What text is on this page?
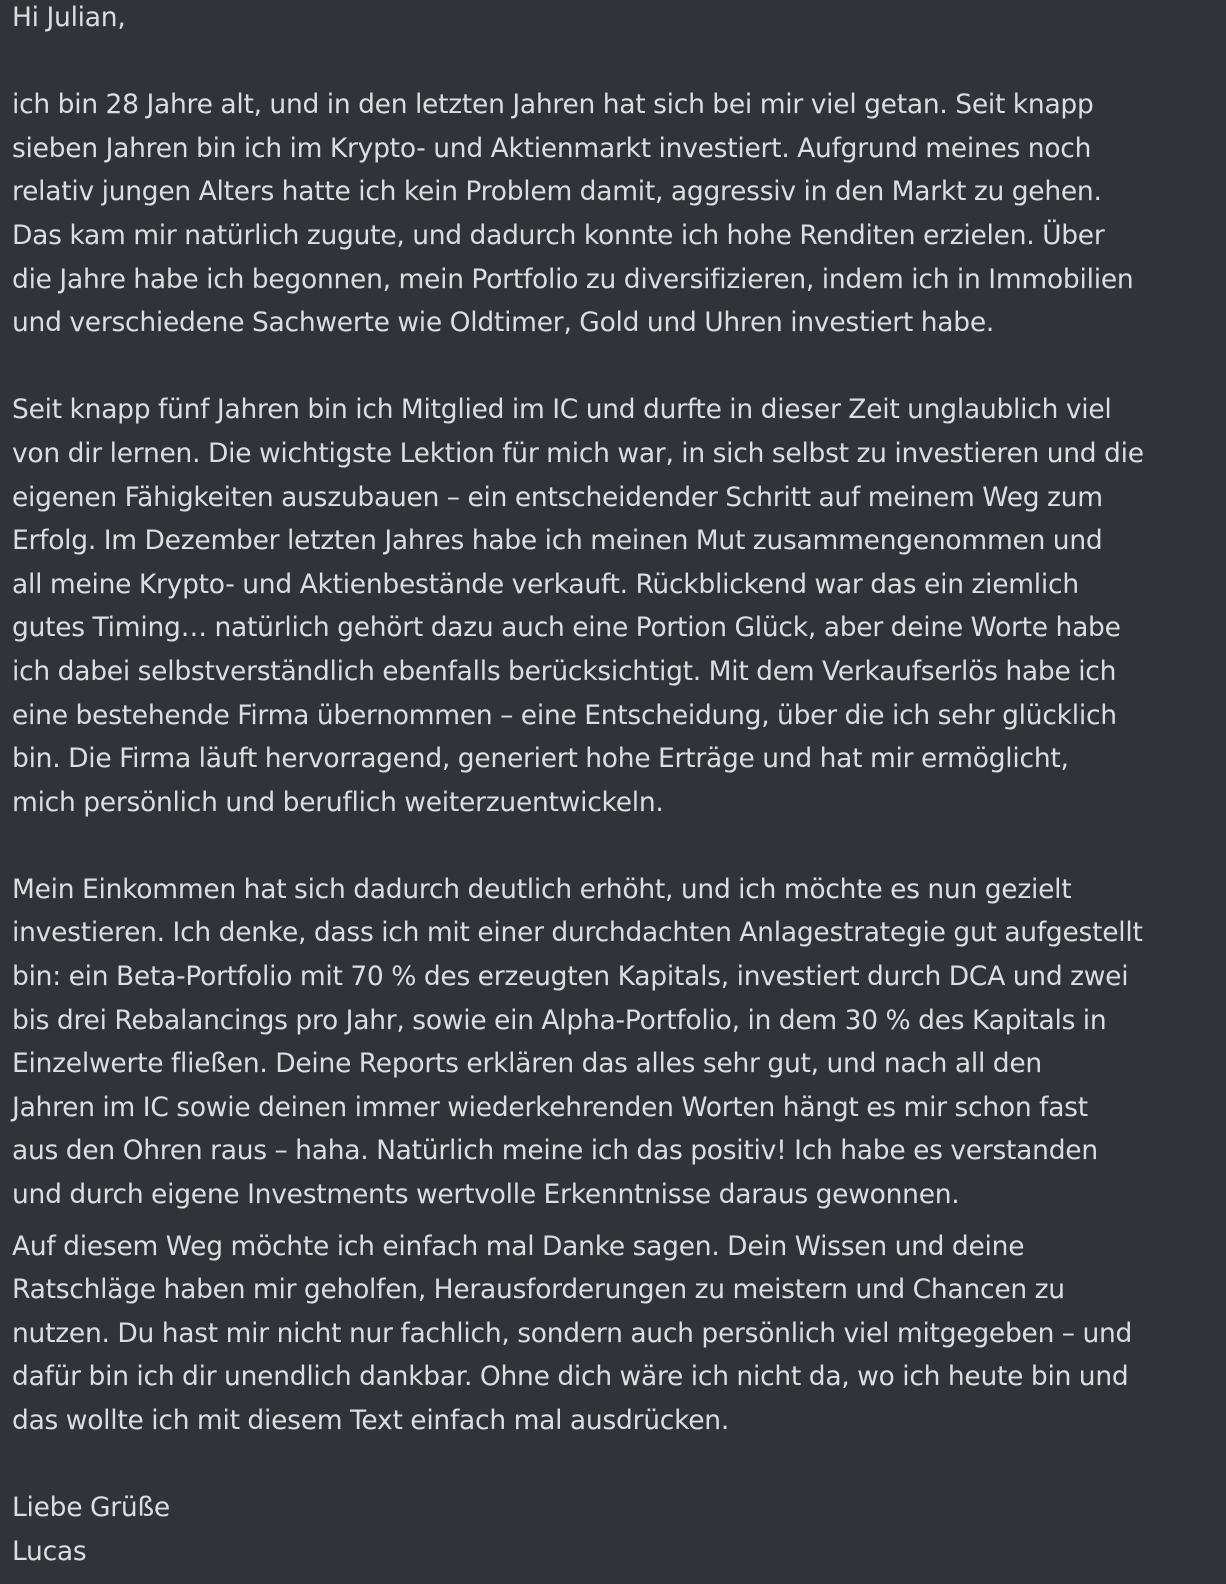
Hi Julian,
ich bin 28 Jahre alt, und in den letzten Jahren hat sich bei mir viel getan. Seit knapp
sieben Jahren bin ich im Krypto- und Aktienmarkt investiert. Aufgrund meines noch
relativ jungen Alters hatte ich kein Problem damit, aggressiv in den Markt zu gehen.
Das kam mir natürlich zugute, und dadurch konnte ich hohe Renditen erzielen. Über
die Jahre habe ich begonnen, mein Portfolio zu diversifizieren, indem ich in Immobilien
und verschiedene Sachwerte wie Oldtimer, Gold und Uhren investiert habe.
Seit knapp fünf Jahren bin ich Mitglied im IC und durfte in dieser Zeit unglaublich viel
von dir lernen. Die wichtigste Lektion für mich war, in sich selbst zu investieren und die
eigenen Fähigkeiten auszubauen – ein entscheidender Schritt auf meinem Weg zum
Erfolg. Im Dezember letzten Jahres habe ich meinen Mut zusammengenommen und
all meine Krypto- und Aktienbestände verkauft. Rückblickend war das ein ziemlich
gutes Timing… natürlich gehört dazu auch eine Portion Glück, aber deine Worte habe
ich dabei selbstverständlich ebenfalls berücksichtigt. Mit dem Verkaufserlös habe ich
eine bestehende Firma übernommen – eine Entscheidung, über die ich sehr glücklich
bin. Die Firma läuft hervorragend, generiert hohe Erträge und hat mir ermöglicht,
mich persönlich und beruflich weiterzuentwickeln.
Mein Einkommen hat sich dadurch deutlich erhöht, und ich möchte es nun gezielt
investieren. Ich denke, dass ich mit einer durchdachten Anlagestrategie gut aufgestellt
bin: ein Beta-Portfolio mit 70 % des erzeugten Kapitals, investiert durch DCA und zwei
bis drei Rebalancings pro Jahr, sowie ein Alpha-Portfolio, in dem 30 % des Kapitals in
Einzelwerte fließen. Deine Reports erklären das alles sehr gut, und nach all den
Jahren im IC sowie deinen immer wiederkehrenden Worten hängt es mir schon fast
aus den Ohren raus – haha. Natürlich meine ich das positiv! Ich habe es verstanden
und durch eigene Investments wertvolle Erkenntnisse daraus gewonnen.
Auf diesem Weg möchte ich einfach mal Danke sagen. Dein Wissen und deine
Ratschläge haben mir geholfen, Herausforderungen zu meistern und Chancen zu
nutzen. Du hast mir nicht nur fachlich, sondern auch persönlich viel mitgegeben – und
dafür bin ich dir unendlich dankbar. Ohne dich wäre ich nicht da, wo ich heute bin und
das wollte ich mit diesem Text einfach mal ausdrücken.
Liebe Grüße
Lucas
